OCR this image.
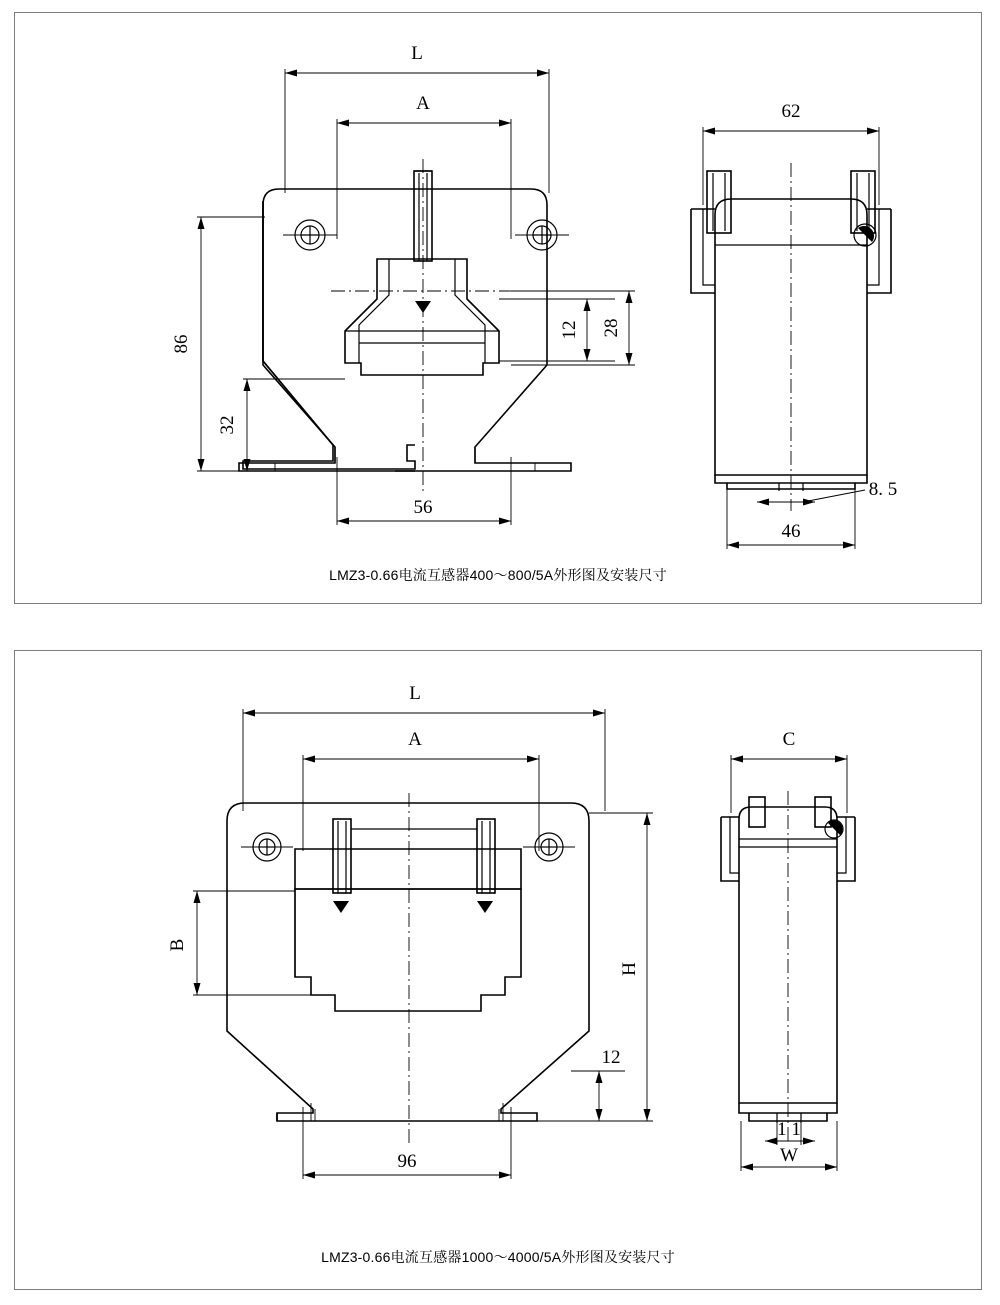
L
A
86
32
12 28
56
62
8. 5
46
LMZ3-0.66电流互感器400～800/5A外形图及安装尺寸
L
A
B
H
12
96
C
1 1
W
LMZ3-0.66电流互感器1000～4000/5A外形图及安装尺寸
